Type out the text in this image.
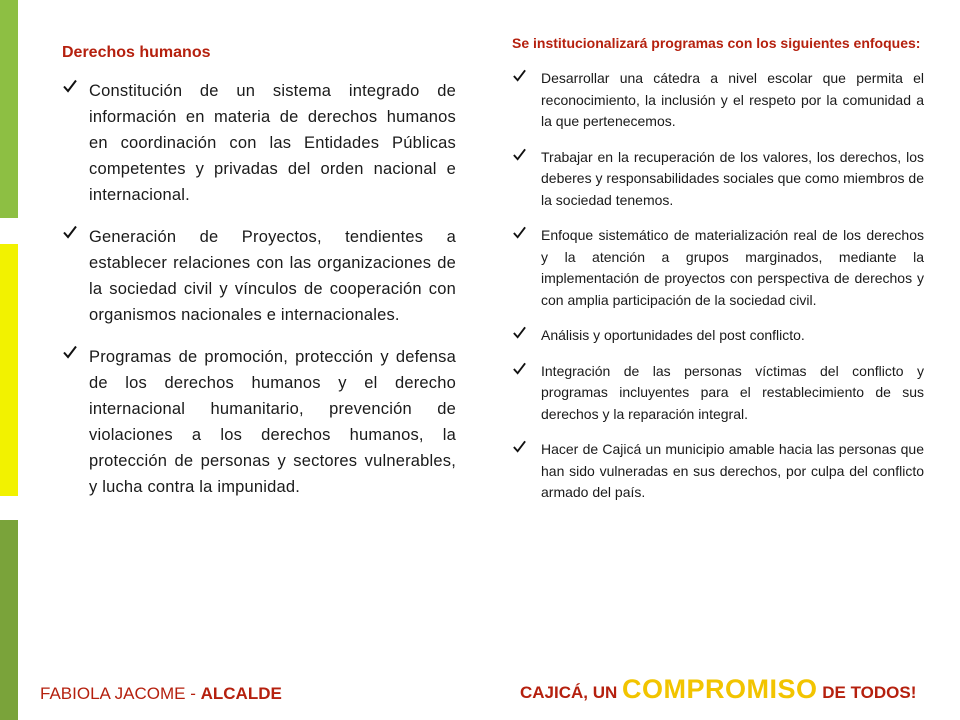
Derechos humanos
Constitución de un sistema integrado de información en materia de derechos humanos en coordinación con las Entidades Públicas competentes y privadas del orden nacional e internacional.
Generación de Proyectos, tendientes a establecer relaciones con las organizaciones de la sociedad civil y vínculos de cooperación con organismos nacionales e internacionales.
Programas de promoción, protección y defensa de los derechos humanos y el derecho internacional humanitario, prevención de violaciones a los derechos humanos, la protección de personas y sectores vulnerables, y lucha contra la impunidad.
Se institucionalizará programas con los siguientes enfoques:
Desarrollar una cátedra a nivel escolar que permita el reconocimiento, la inclusión y el respeto por la comunidad a la que pertenecemos.
Trabajar en la recuperación de los valores, los derechos, los deberes y responsabilidades sociales que como miembros de la sociedad tenemos.
Enfoque sistemático de materialización real de los derechos y la atención a grupos marginados, mediante la implementación de proyectos con perspectiva de derechos y con amplia participación de la sociedad civil.
Análisis y oportunidades del post conflicto.
Integración de las personas víctimas del conflicto y programas incluyentes para el restablecimiento de sus derechos y la reparación integral.
Hacer de Cajicá un municipio amable hacia las personas que han sido vulneradas en sus derechos, por culpa del conflicto armado del país.
FABIOLA JACOME - ALCALDE	CAJICÁ, UN COMPROMISO DE TODOS!
